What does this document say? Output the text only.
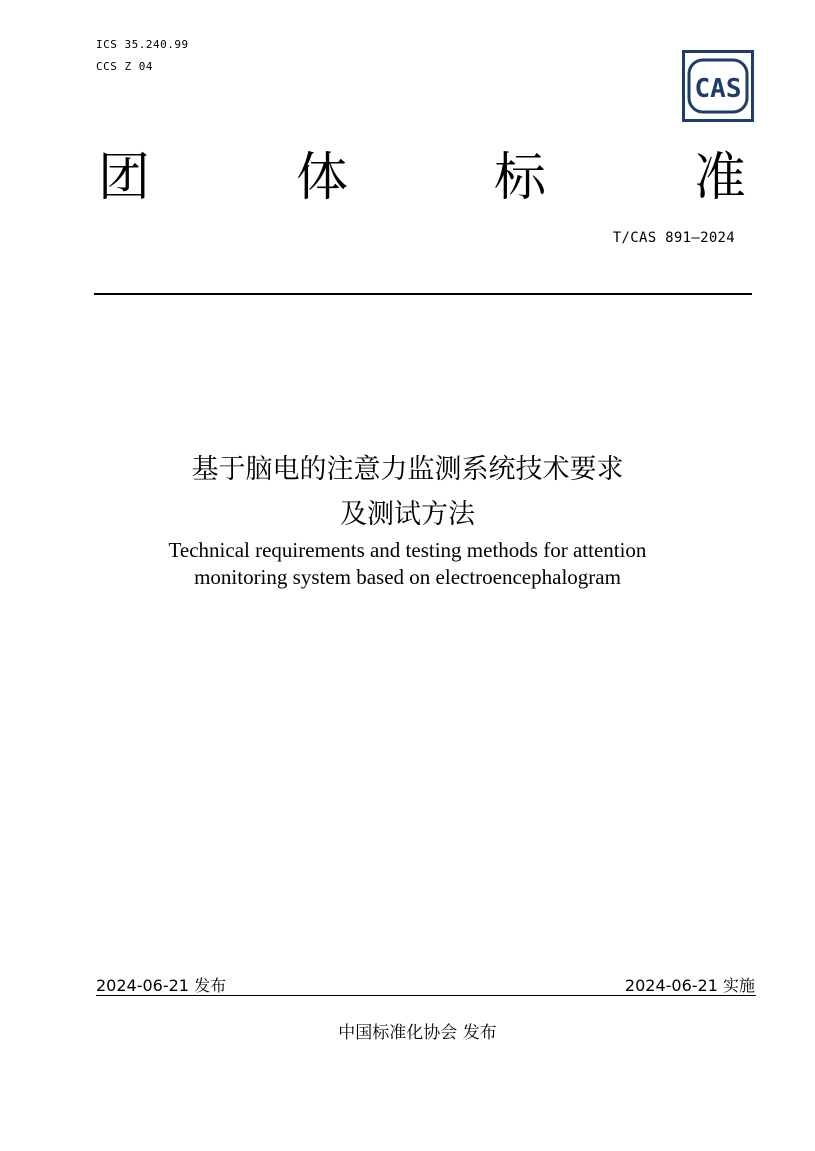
ICS 35.240.99
CCS Z 04
CAS
团	体	标	准
T/CAS 891—2024
基于脑电的注意力监测系统技术要求
及测试方法
Technical requirements and testing methods for attention
monitoring system based on electroencephalogram
2024-06-21 发布	2024-06-21 实施
中国标准化协会 发布
